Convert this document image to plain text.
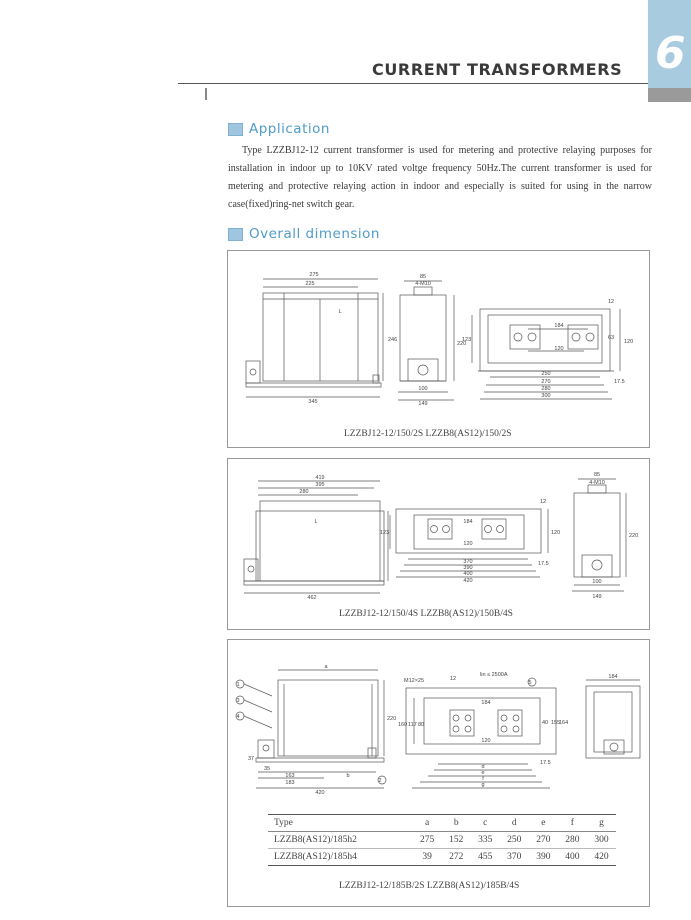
CURRENT TRANSFORMERS 6
Application
Type LZZBJ12-12 current transformer is used for metering and protective relaying purposes for installation in indoor up to 10KV rated voltge frequency 50Hz.The current transformer is used for metering and protective relaying action in indoor and especially is suited for using in the narrow case(fixed)ring-net switch gear.
Overall dimension
275
225
L
246
345
85
4-M10
220
100
149
12
184
120
123
250
270
280
300
17.5
120
63
LZZBJ12-12/150/2S LZZB8(AS12)/150/2S
419
395
280
L
462
12
184
120
123
370
390
400
420
17.5
120
85
4-M10
220
100
149
LZZBJ12-12/150/4S LZZB8(AS12)/150B/4S
a
220
37
35
163	b
183
420
1
3
4
2
5
M12×25	12
lin ≤ 2500A
184
160 117 80
120
40 155
164
d
e
f
g
17.5
184
LZZBJ12-12/185B/2S LZZB8(AS12)/185B/4S
Type	a	b	c	d	e	f	g
LZZB8(AS12)/185h2	275	152	335	250	270	280	300
LZZB8(AS12)/185h4	39	272	455	370	390	400	420
